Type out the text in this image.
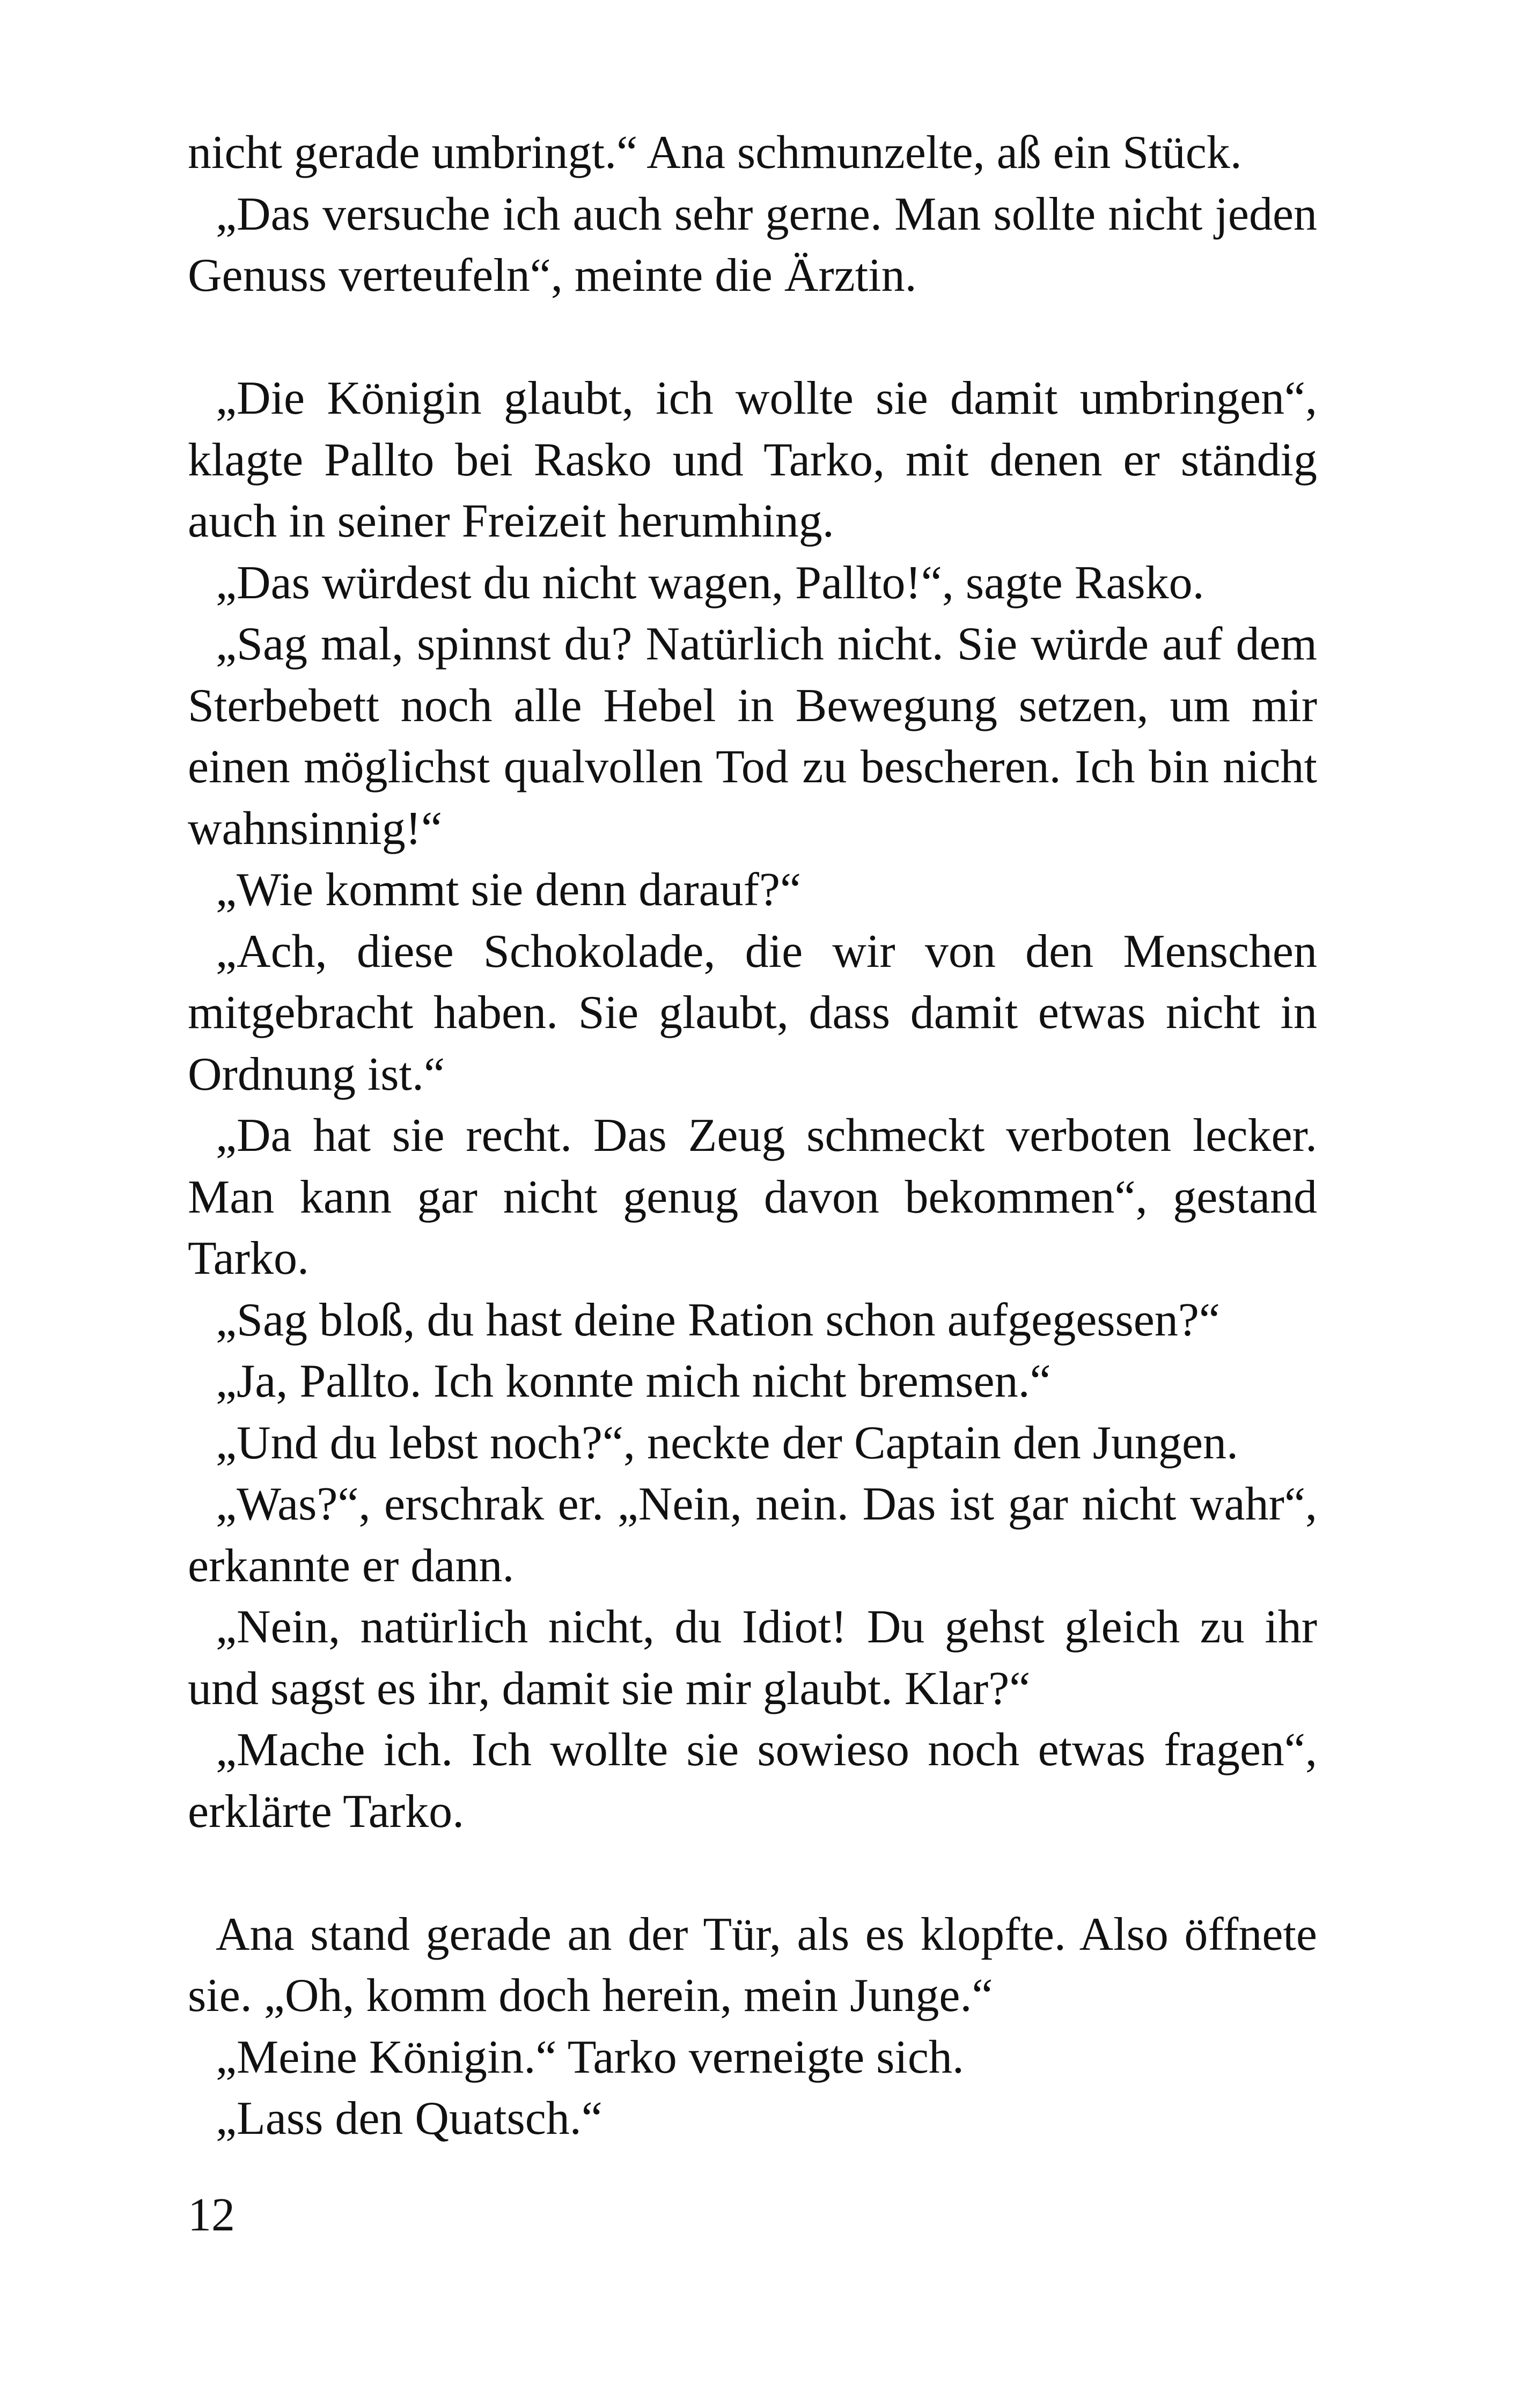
nicht gerade umbringt.“ Ana schmunzelte, aß ein Stück.

„Das versuche ich auch sehr gerne. Man sollte nicht jeden Genuss verteufeln“, meinte die Ärztin.

„Die Königin glaubt, ich wollte sie damit umbringen“, klagte Pallto bei Rasko und Tarko, mit denen er ständig auch in seiner Freizeit herumhing.

„Das würdest du nicht wagen, Pallto!“, sagte Rasko.

„Sag mal, spinnst du? Natürlich nicht. Sie würde auf dem Sterbebett noch alle Hebel in Bewegung setzen, um mir einen möglichst qualvollen Tod zu bescheren. Ich bin nicht wahnsinnig!“

„Wie kommt sie denn darauf?“

„Ach, diese Schokolade, die wir von den Menschen mitgebracht haben. Sie glaubt, dass damit etwas nicht in Ordnung ist.“

„Da hat sie recht. Das Zeug schmeckt verboten lecker. Man kann gar nicht genug davon bekommen“, gestand Tarko.

„Sag bloß, du hast deine Ration schon aufgegessen?“

„Ja, Pallto. Ich konnte mich nicht bremsen.“

„Und du lebst noch?“, neckte der Captain den Jungen.

„Was?“, erschrak er. „Nein, nein. Das ist gar nicht wahr“, erkannte er dann.

„Nein, natürlich nicht, du Idiot! Du gehst gleich zu ihr und sagst es ihr, damit sie mir glaubt. Klar?“

„Mache ich. Ich wollte sie sowieso noch etwas fragen“, erklärte Tarko.

Ana stand gerade an der Tür, als es klopfte. Also öffnete sie. „Oh, komm doch herein, mein Junge.“

„Meine Königin.“ Tarko verneigte sich.

„Lass den Quatsch.“

12
